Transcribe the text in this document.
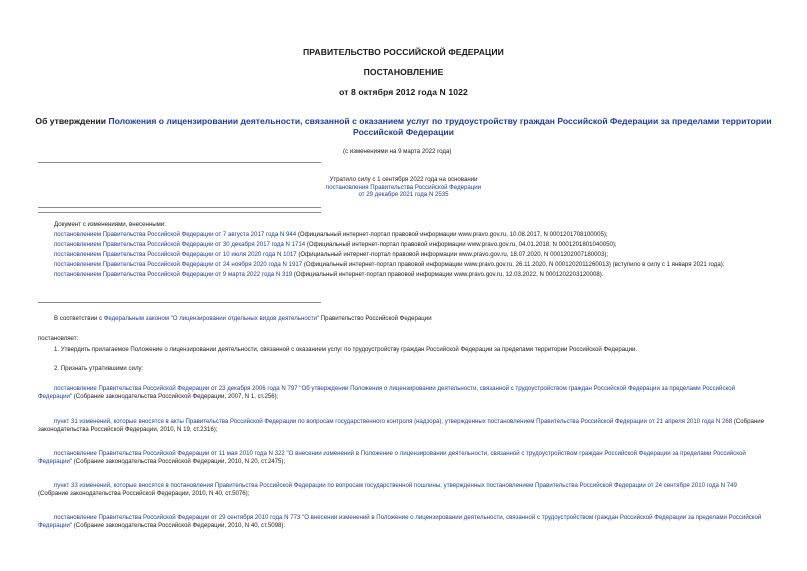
ПРАВИТЕЛЬСТВО РОССИЙСКОЙ ФЕДЕРАЦИИ
ПОСТАНОВЛЕНИЕ
от 8 октября 2012 года N 1022
Об утверждении Положения о лицензировании деятельности, связанной с оказанием услуг по трудоустройству граждан Российской Федерации за пределами территории Российской Федерации
(с изменениями на 9 марта 2022 года)
Утратило силу с 1 сентября 2022 года на основании
постановления Правительства Российской Федерации
от 29 декабря 2021 года N 2535

Документ с изменениями, внесенными:

постановлением Правительства Российской Федерации от 7 августа 2017 года N 944 (Официальный интернет-портал правовой информации www.pravo.gov.ru, 10.08.2017, N 0001201708100005);

постановлением Правительства Российской Федерации от 30 декабря 2017 года N 1714 (Официальный интернет-портал правовой информации www.pravo.gov.ru, 04.01.2018, N 0001201801040050);

постановлением Правительства Российской Федерации от 10 июля 2020 года N 1017 (Официальный интернет-портал правовой информации www.pravo.gov.ru, 18.07.2020, N 0001202007180003);

постановлением Правительства Российской Федерации от 24 ноября 2020 года N 1917 (Официальный интернет-портал правовой информации www.pravo.gov.ru, 26.11.2020, N 0001202011260013) (вступило в силу с 1 января 2021 года);

постановлением Правительства Российской Федерации от 9 марта 2022 года N 319 (Официальный интернет-портал правовой информации www.pravo.gov.ru, 12.03.2022, N 0001202203120008).

В соответствии с Федеральным законом "О лицензировании отдельных видов деятельности" Правительство Российской Федерации

постановляет:
1. Утвердить прилагаемое Положение о лицензировании деятельности, связанной с оказанием услуг по трудоустройству граждан Российской Федерации за пределами территории Российской Федерации.
2. Признать утратившими силу:
постановление Правительства Российской Федерации от 23 декабря 2006 года N 797 "Об утверждении Положения о лицензировании деятельности, связанной с трудоустройством граждан Российской Федерации за пределами Российской Федерации" (Собрание законодательства Российской Федерации, 2007, N 1, ст.256);
пункт 31 изменений, которые вносятся в акты Правительства Российской Федерации по вопросам государственного контроля (надзора), утвержденных постановлением Правительства Российской Федерации от 21 апреля 2010 года N 268 (Собрание законодательства Российской Федерации, 2010, N 19, ст.2316);
постановление Правительства Российской Федерации от 11 мая 2010 года N 322 "О внесении изменений в Положение о лицензировании деятельности, связанной с трудоустройством граждан Российской Федерации за пределами Российской Федерации" (Собрание законодательства Российской Федерации, 2010, N 20, ст.2475);
пункт 33 изменений, которые вносятся в постановления Правительства Российской Федерации по вопросам государственной пошлины, утвержденных постановлением Правительства Российской Федерации от 24 сентября 2010 года N 749 (Собрание законодательства Российской Федерации, 2010, N 40, ст.5076);
постановление Правительства Российской Федерации от 29 сентября 2010 года N 773 "О внесении изменений в Положение о лицензировании деятельности, связанной с трудоустройством граждан Российской Федерации за пределами Российской Федерации" (Собрание законодательства Российской Федерации, 2010, N 40, ст.5098).
